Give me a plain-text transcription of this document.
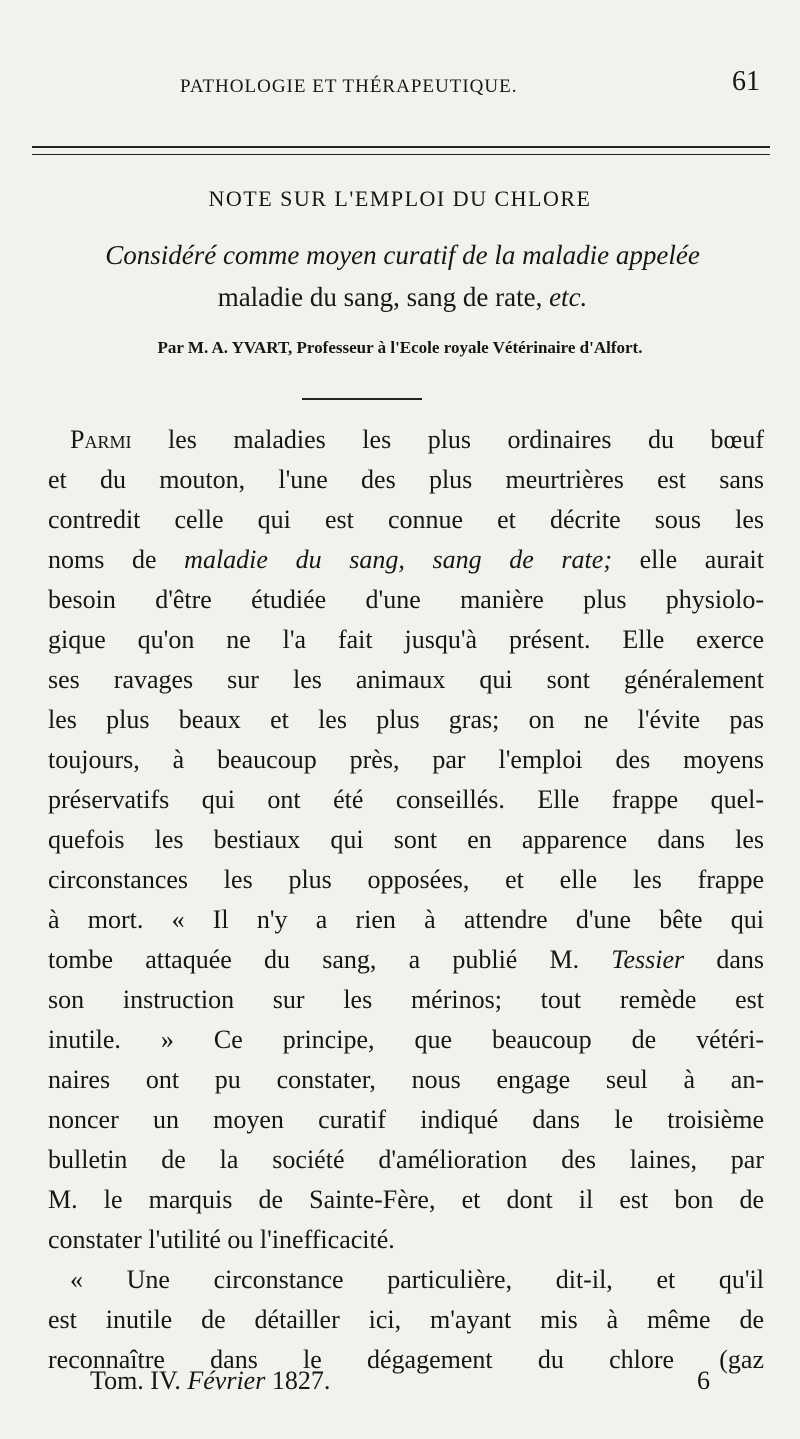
PATHOLOGIE ET THÉRAPEUTIQUE.	61
NOTE SUR L'EMPLOI DU CHLORE
Considéré comme moyen curatif de la maladie appelée
maladie du sang, sang de rate, etc.
Par M. A. YVART, Professeur à l'Ecole royale Vétérinaire d'Alfort.
Parmi les maladies les plus ordinaires du bœuf
et du mouton, l'une des plus meurtrières est sans
contredit celle qui est connue et décrite sous les
noms de maladie du sang, sang de rate; elle aurait
besoin d'être étudiée d'une manière plus physiolo-
gique qu'on ne l'a fait jusqu'à présent. Elle exerce
ses ravages sur les animaux qui sont généralement
les plus beaux et les plus gras; on ne l'évite pas
toujours, à beaucoup près, par l'emploi des moyens
préservatifs qui ont été conseillés. Elle frappe quel-
quefois les bestiaux qui sont en apparence dans les
circonstances les plus opposées, et elle les frappe
à mort. « Il n'y a rien à attendre d'une bête qui
tombe attaquée du sang, a publié M. Tessier dans
son instruction sur les mérinos; tout remède est
inutile. » Ce principe, que beaucoup de vétéri-
naires ont pu constater, nous engage seul à an-
noncer un moyen curatif indiqué dans le troisième
bulletin de la société d'amélioration des laines, par
M. le marquis de Sainte-Fère, et dont il est bon de
constater l'utilité ou l'inefficacité.
« Une circonstance particulière, dit-il, et qu'il
est inutile de détailler ici, m'ayant mis à même de
reconnaître dans le dégagement du chlore (gaz
Tom. IV. Février 1827.	6
